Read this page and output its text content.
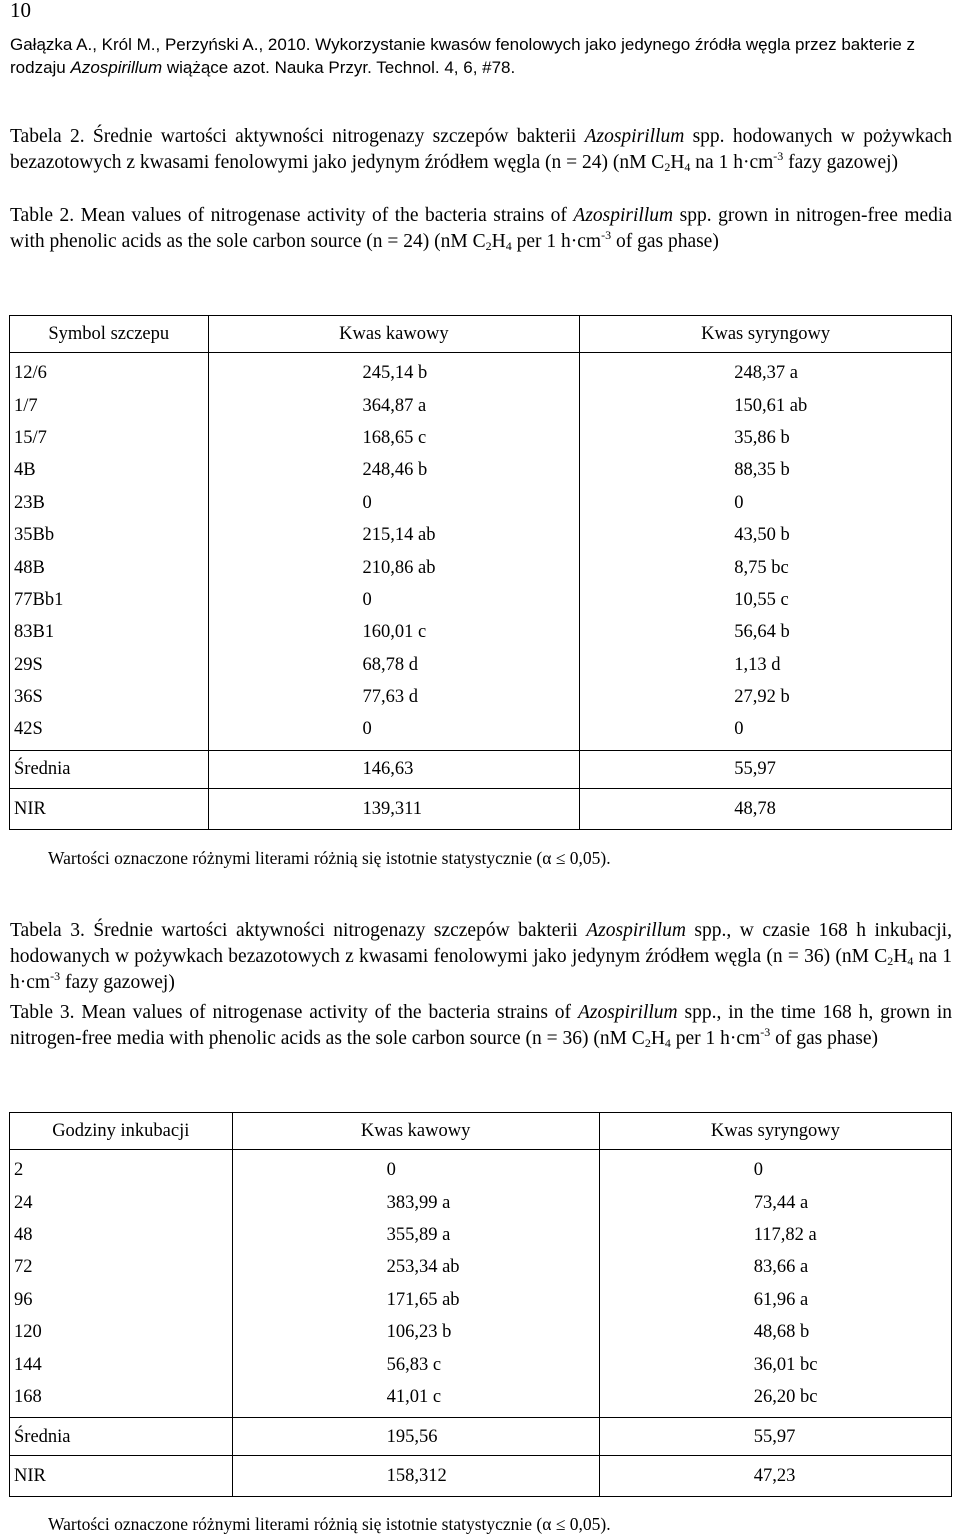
10
Gałązka A., Król M., Perzyński A., 2010. Wykorzystanie kwasów fenolowych jako jedynego źródła węgla przez bakterie z rodzaju Azospirillum wiążące azot. Nauka Przyr. Technol. 4, 6, #78.
Tabela 2. Średnie wartości aktywności nitrogenazy szczepów bakterii Azospirillum spp. hodowanych w pożywkach bezazotowych z kwasami fenolowymi jako jedynym źródłem węgla (n = 24) (nM $C_2H_4$ na 1 $h\cdot cm^{-3}$ fazy gazowej)
Table 2. Mean values of nitrogenase activity of the bacteria strains of Azospirillum spp. grown in nitrogen-free media with phenolic acids as the sole carbon source (n = 24) (nM $C_2H_4$ per 1 $h\cdot cm^{-3}$ of gas phase)
Symbol szczepu	Kwas kawowy	Kwas syryngowy
12/6	245,14 b	248,37 a
1/7	364,87 a	150,61 ab
15/7	168,65 c	35,86 b
4B	248,46 b	88,35 b
23B	0	0
35Bb	215,14 ab	43,50 b
48B	210,86 ab	8,75 bc
77Bb1	0	10,55 c
83B1	160,01 c	56,64 b
29S	68,78 d	1,13 d
36S	77,63 d	27,92 b
42S	0	0
Średnia	146,63	55,97
NIR	139,311	48,78
Wartości oznaczone różnymi literami różnią się istotnie statystycznie (α ≤ 0,05).
Tabela 3. Średnie wartości aktywności nitrogenazy szczepów bakterii Azospirillum spp., w czasie 168 h inkubacji, hodowanych w pożywkach bezazotowych z kwasami fenolowymi jako jedynym źródłem węgla (n = 36) (nM $C_2H_4$ na 1 $h\cdot cm^{-3}$ fazy gazowej)
Table 3. Mean values of nitrogenase activity of the bacteria strains of Azospirillum spp., in the time 168 h, grown in nitrogen-free media with phenolic acids as the sole carbon source (n = 36) (nM $C_2H_4$ per 1 $h\cdot cm^{-3}$ of gas phase)
Godziny inkubacji	Kwas kawowy	Kwas syryngowy
2	0	0
24	383,99 a	73,44 a
48	355,89 a	117,82 a
72	253,34 ab	83,66 a
96	171,65 ab	61,96 a
120	106,23 b	48,68 b
144	56,83 c	36,01 bc
168	41,01 c	26,20 bc
Średnia	195,56	55,97
NIR	158,312	47,23
Wartości oznaczone różnymi literami różnią się istotnie statystycznie (α ≤ 0,05).
